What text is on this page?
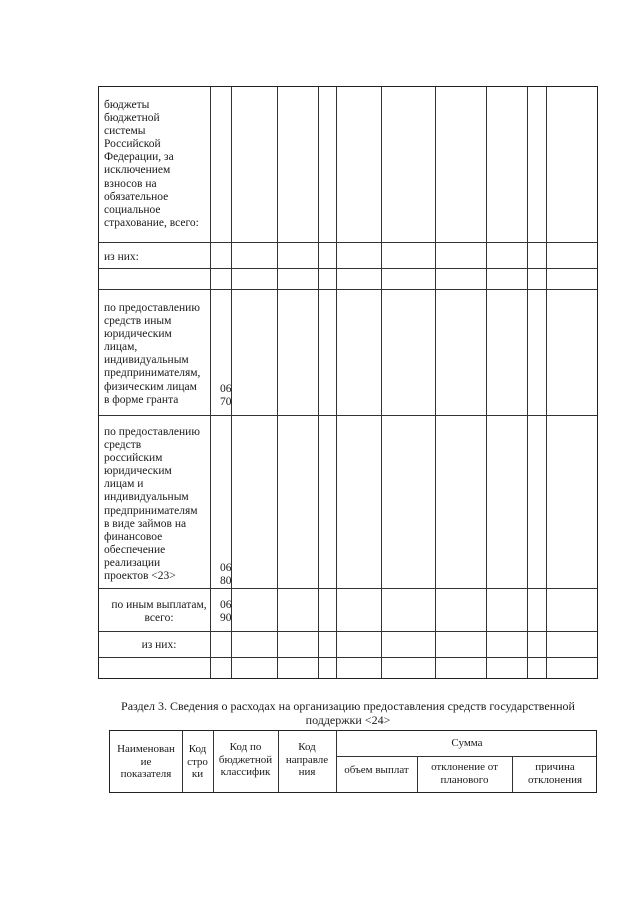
бюджеты
бюджетной
системы
Российской
Федерации, за
исключением
взносов на
обязательное
социальное
страхование, всего:
из них:
по предоставлению
средств иным
юридическим
лицам,
индивидуальным
предпринимателям,
физическим лицам
в форме гранта
06
70
по предоставлению
средств
российским
юридическим
лицам и
индивидуальным
предпринимателям
в виде займов на
финансовое
обеспечение
реализации
проектов <23>
06
80
по иным выплатам,
всего:
06
90
из них:
Раздел 3. Сведения о расходах на организацию предоставления средств государственной
поддержки <24>
Наименован
ие
показателя
Код
стро
ки
Код по
бюджетной
классифик
Код
направле
ния
Сумма
объем выплат	отклонение от
планового
причина
отклонения
